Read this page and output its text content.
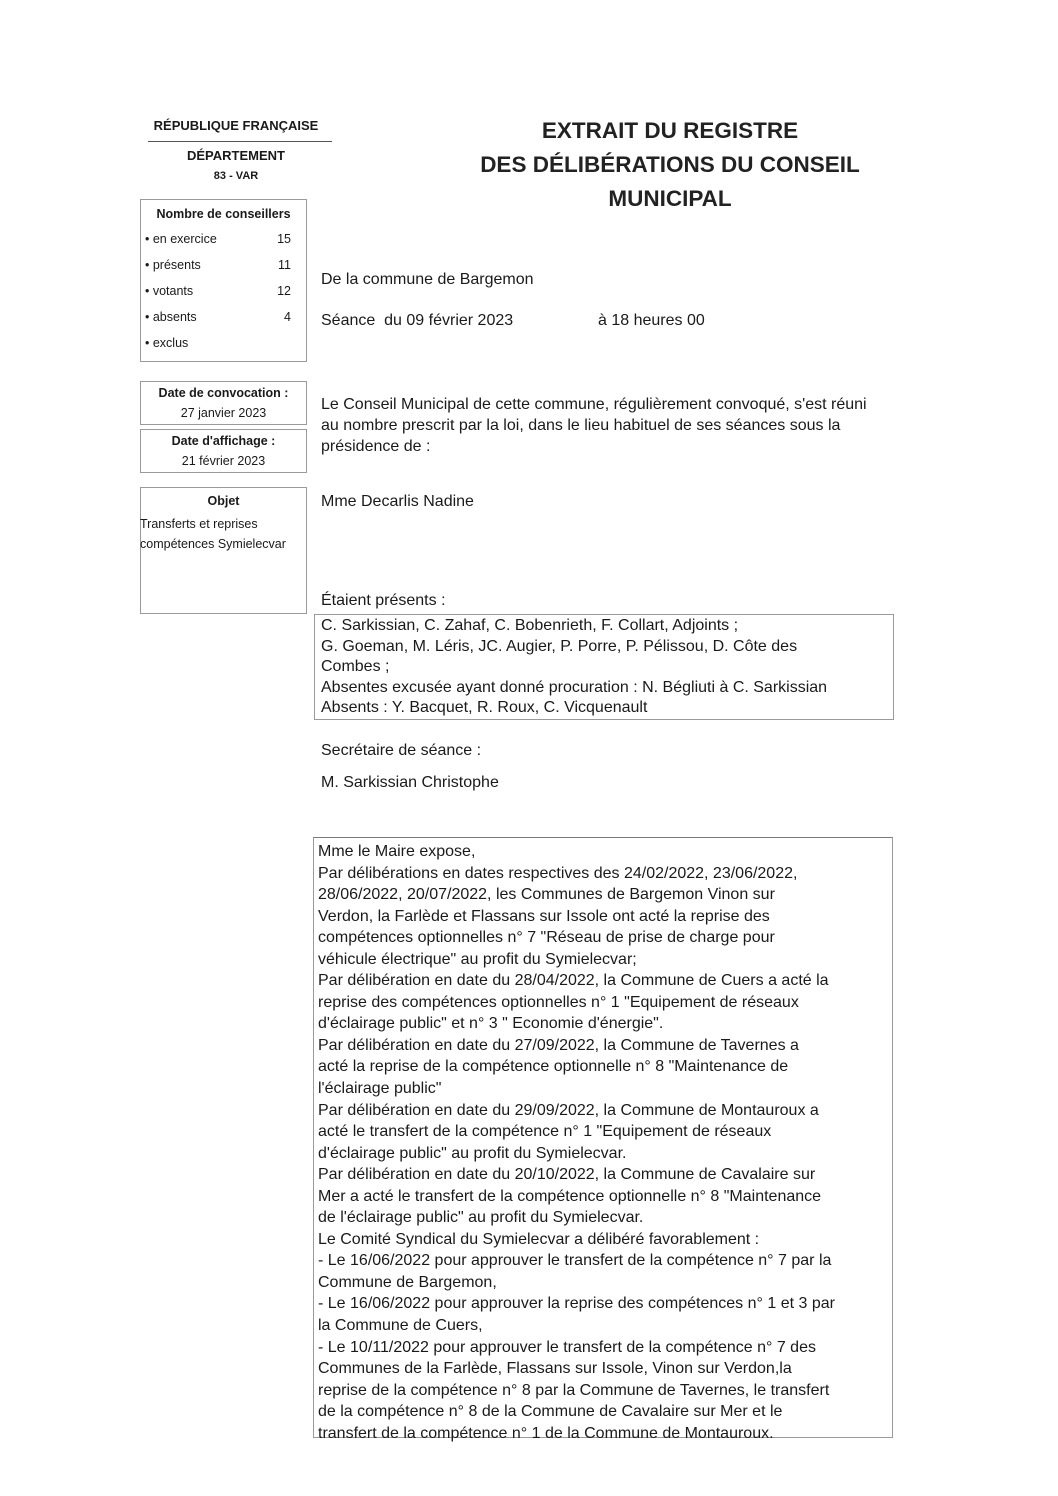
RÉPUBLIQUE FRANÇAISE
DÉPARTEMENT
83 - VAR
Nombre de conseillers
• en exercice	15
• présents	11
• votants	12
• absents	4
• exclus
Date de convocation :
27 janvier 2023
Date d'affichage :
21 février 2023
Objet
Transferts et reprises
compétences Symielecvar
EXTRAIT DU REGISTRE
DES DÉLIBÉRATIONS DU CONSEIL
MUNICIPAL
De la commune de Bargemon
Séance  du 09 février 2023	à 18 heures 00
Le Conseil Municipal de cette commune, régulièrement convoqué, s'est réuni au nombre prescrit par la loi, dans le lieu habituel de ses séances sous la présidence de :
Mme Decarlis Nadine
Étaient présents :
C. Sarkissian, C. Zahaf, C. Bobenrieth, F. Collart, Adjoints ;
G. Goeman, M. Léris, JC. Augier, P. Porre, P. Pélissou, D. Côte des
Combes ;
Absentes excusée ayant donné procuration : N. Bégliuti à C. Sarkissian
Absents : Y. Bacquet, R. Roux, C. Vicquenault
Secrétaire de séance :
M. Sarkissian Christophe
Mme le Maire expose,
Par délibérations en dates respectives des 24/02/2022, 23/06/2022,
28/06/2022, 20/07/2022, les Communes de Bargemon Vinon sur
Verdon, la Farlède et Flassans sur Issole ont acté la reprise des
compétences optionnelles n° 7 "Réseau de prise de charge pour
véhicule électrique" au profit du Symielecvar;
Par délibération en date du 28/04/2022, la Commune de Cuers a acté la
reprise des compétences optionnelles n° 1 "Equipement de réseaux
d'éclairage public" et n° 3 " Economie d'énergie".
Par délibération en date du 27/09/2022, la Commune de Tavernes a
acté la reprise de la compétence optionnelle n° 8 "Maintenance de
l'éclairage public"
Par délibération en date du 29/09/2022, la Commune de Montauroux a
acté le transfert de la compétence n° 1 "Equipement de réseaux
d'éclairage public" au profit du Symielecvar.
Par délibération en date du 20/10/2022, la Commune de Cavalaire sur
Mer a acté le transfert de la compétence optionnelle n° 8 "Maintenance
de l'éclairage public" au profit du Symielecvar.
Le Comité Syndical du Symielecvar a délibéré favorablement :
- Le 16/06/2022 pour approuver le transfert de la compétence n° 7 par la
Commune de Bargemon,
- Le 16/06/2022 pour approuver la reprise des compétences n° 1 et 3 par
la Commune de Cuers,
- Le 10/11/2022 pour approuver le transfert de la compétence n° 7 des
Communes de la Farlède, Flassans sur Issole, Vinon sur Verdon,la
reprise de la compétence n° 8 par la Commune de Tavernes, le transfert
de la compétence n° 8 de la Commune de Cavalaire sur Mer et le
transfert de la compétence n° 1 de la Commune de Montauroux.
